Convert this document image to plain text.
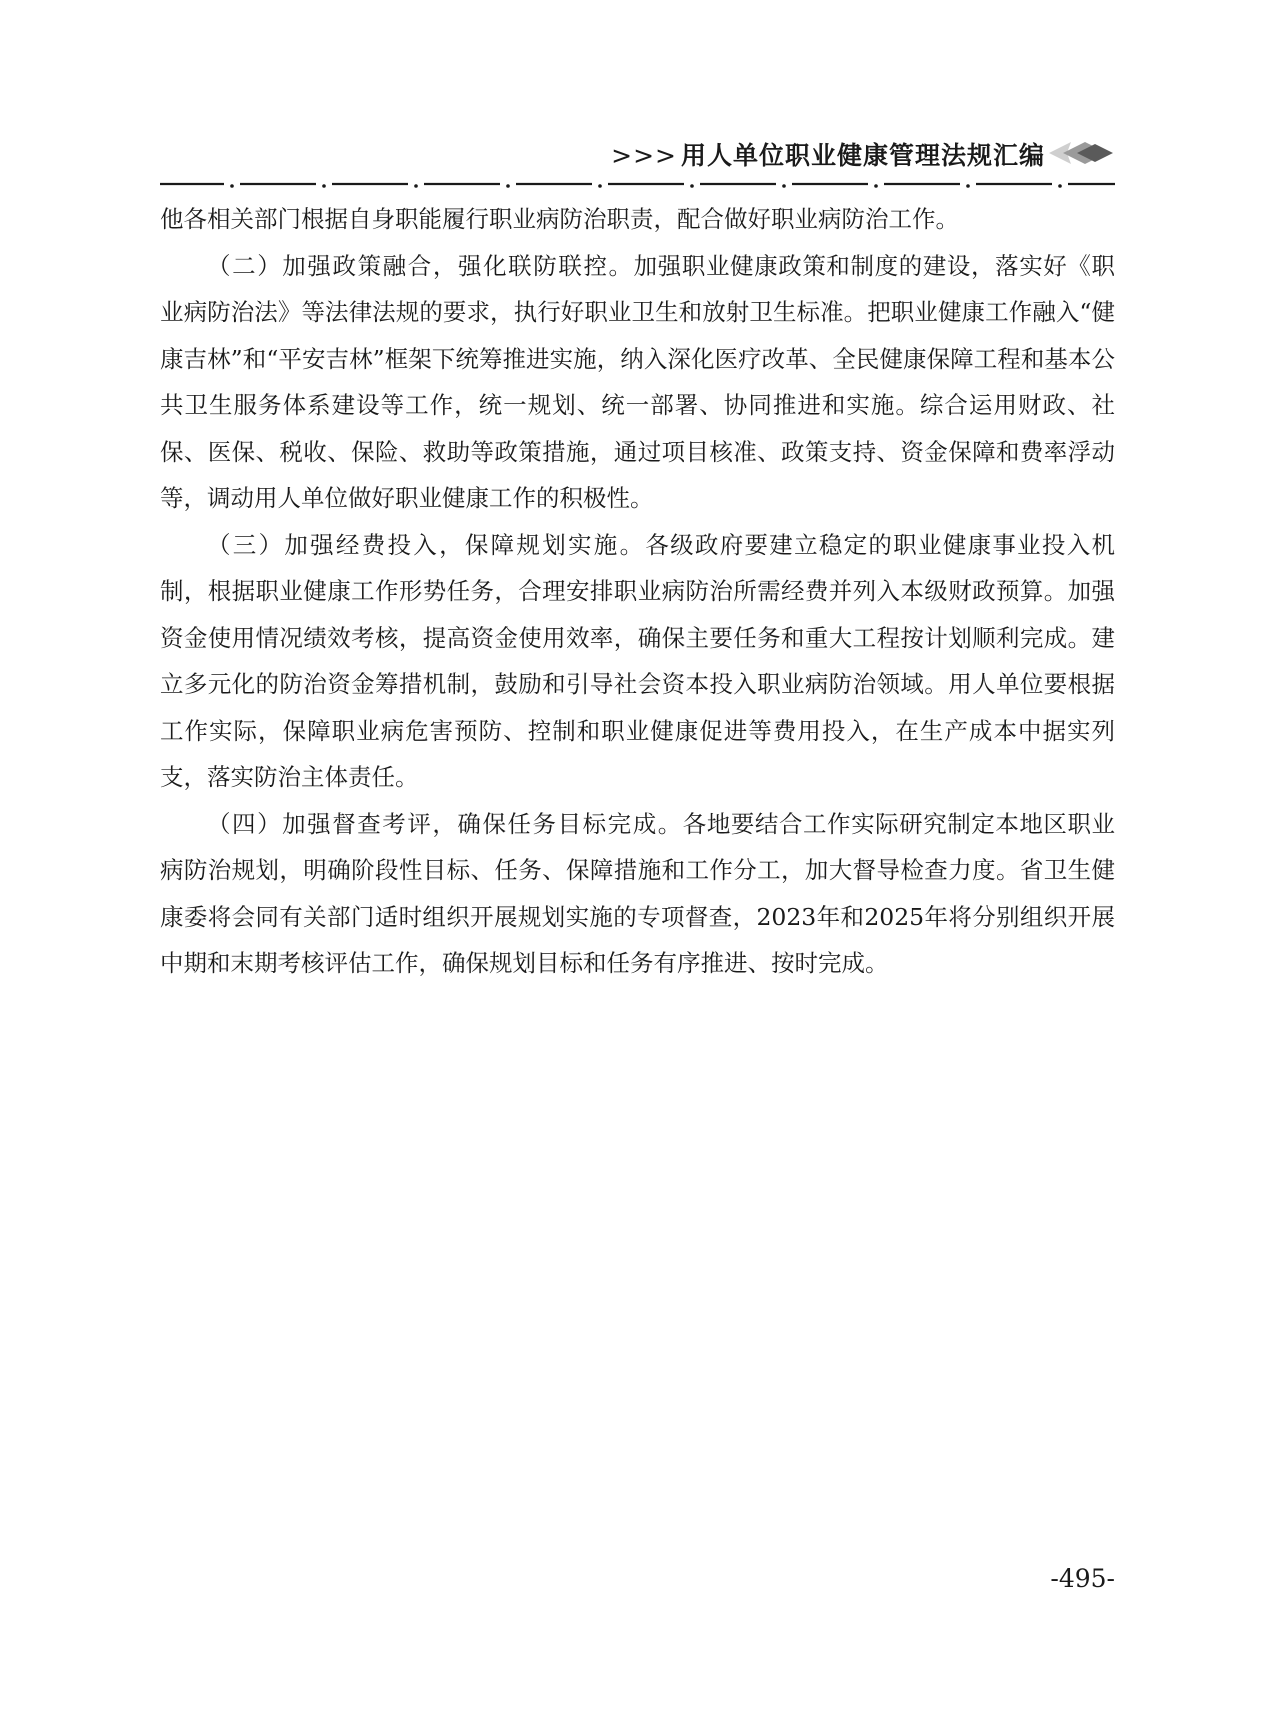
>>> 用人单位职业健康管理法规汇编

他各相关部门根据自身职能履行职业病防治职责，配合做好职业病防治工作。

（二）加强政策融合，强化联防联控。加强职业健康政策和制度的建设，落实好《职业病防治法》等法律法规的要求，执行好职业卫生和放射卫生标准。把职业健康工作融入“健康吉林”和“平安吉林”框架下统筹推进实施，纳入深化医疗改革、全民健康保障工程和基本公共卫生服务体系建设等工作，统一规划、统一部署、协同推进和实施。综合运用财政、社保、医保、税收、保险、救助等政策措施，通过项目核准、政策支持、资金保障和费率浮动等，调动用人单位做好职业健康工作的积极性。

（三）加强经费投入，保障规划实施。各级政府要建立稳定的职业健康事业投入机制，根据职业健康工作形势任务，合理安排职业病防治所需经费并列入本级财政预算。加强资金使用情况绩效考核，提高资金使用效率，确保主要任务和重大工程按计划顺利完成。建立多元化的防治资金筹措机制，鼓励和引导社会资本投入职业病防治领域。用人单位要根据工作实际，保障职业病危害预防、控制和职业健康促进等费用投入，在生产成本中据实列支，落实防治主体责任。

（四）加强督查考评，确保任务目标完成。各地要结合工作实际研究制定本地区职业病防治规划，明确阶段性目标、任务、保障措施和工作分工，加大督导检查力度。省卫生健康委将会同有关部门适时组织开展规划实施的专项督查，2023年和2025年将分别组织开展中期和末期考核评估工作，确保规划目标和任务有序推进、按时完成。

-495-
